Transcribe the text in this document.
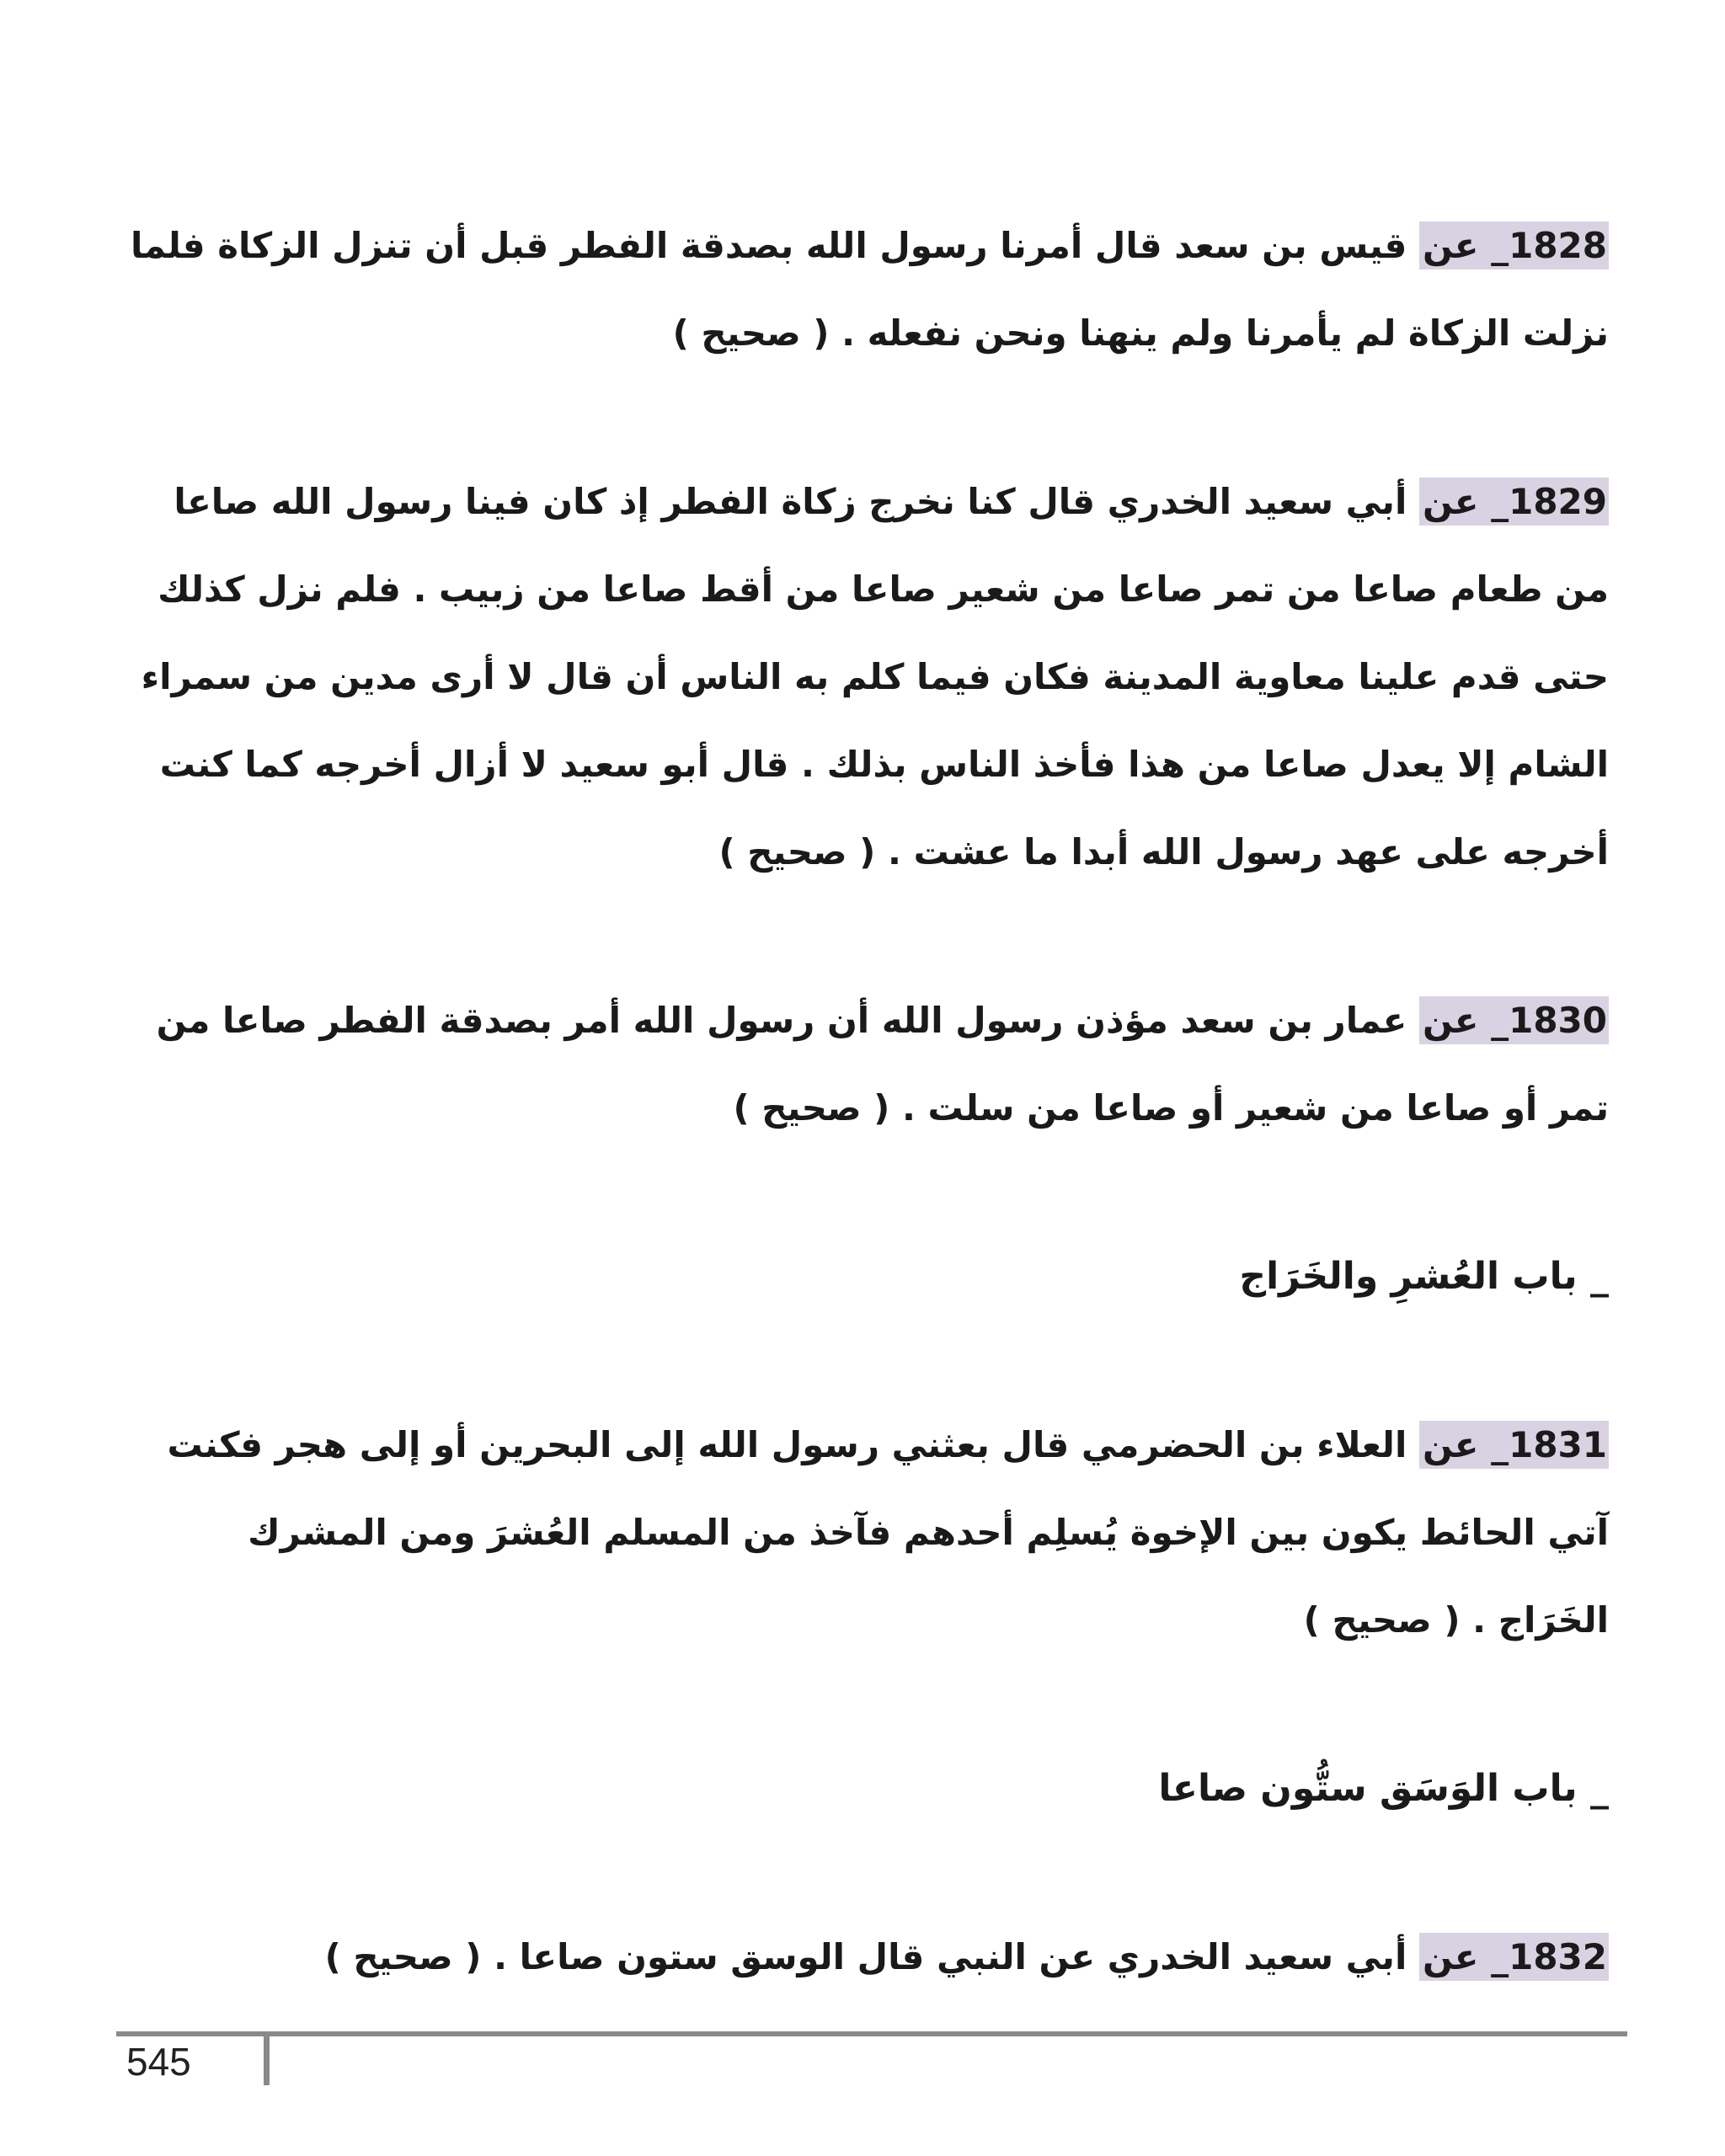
1828_ عن قيس بن سعد قال أمرنا رسول الله بصدقة الفطر قبل أن تنزل الزكاة فلما نزلت الزكاة لم يأمرنا ولم ينهنا ونحن نفعله . ( صحيح )

1829_ عن أبي سعيد الخدري قال كنا نخرج زكاة الفطر إذ كان فينا رسول الله صاعا من طعام صاعا من تمر صاعا من شعير صاعا من أقط صاعا من زبيب . فلم نزل كذلك حتى قدم علينا معاوية المدينة فكان فيما كلم به الناس أن قال لا أرى مدين من سمراء الشام إلا يعدل صاعا من هذا فأخذ الناس بذلك . قال أبو سعيد لا أزال أخرجه كما كنت أخرجه على عهد رسول الله أبدا ما عشت . ( صحيح )

1830_ عن عمار بن سعد مؤذن رسول الله أن رسول الله أمر بصدقة الفطر صاعا من تمر أو صاعا من شعير أو صاعا من سلت . ( صحيح )

_ باب العُشرِ والخَرَاج

1831_ عن العلاء بن الحضرمي قال بعثني رسول الله إلى البحرين أو إلى هجر فكنت آتي الحائط يكون بين الإخوة يُسلِم أحدهم فآخذ من المسلم العُشرَ ومن المشرك الخَرَاج . ( صحيح )

_ باب الوَسَق ستُّون صاعا

1832_ عن أبي سعيد الخدري عن النبي قال الوسق ستون صاعا . ( صحيح )

545
